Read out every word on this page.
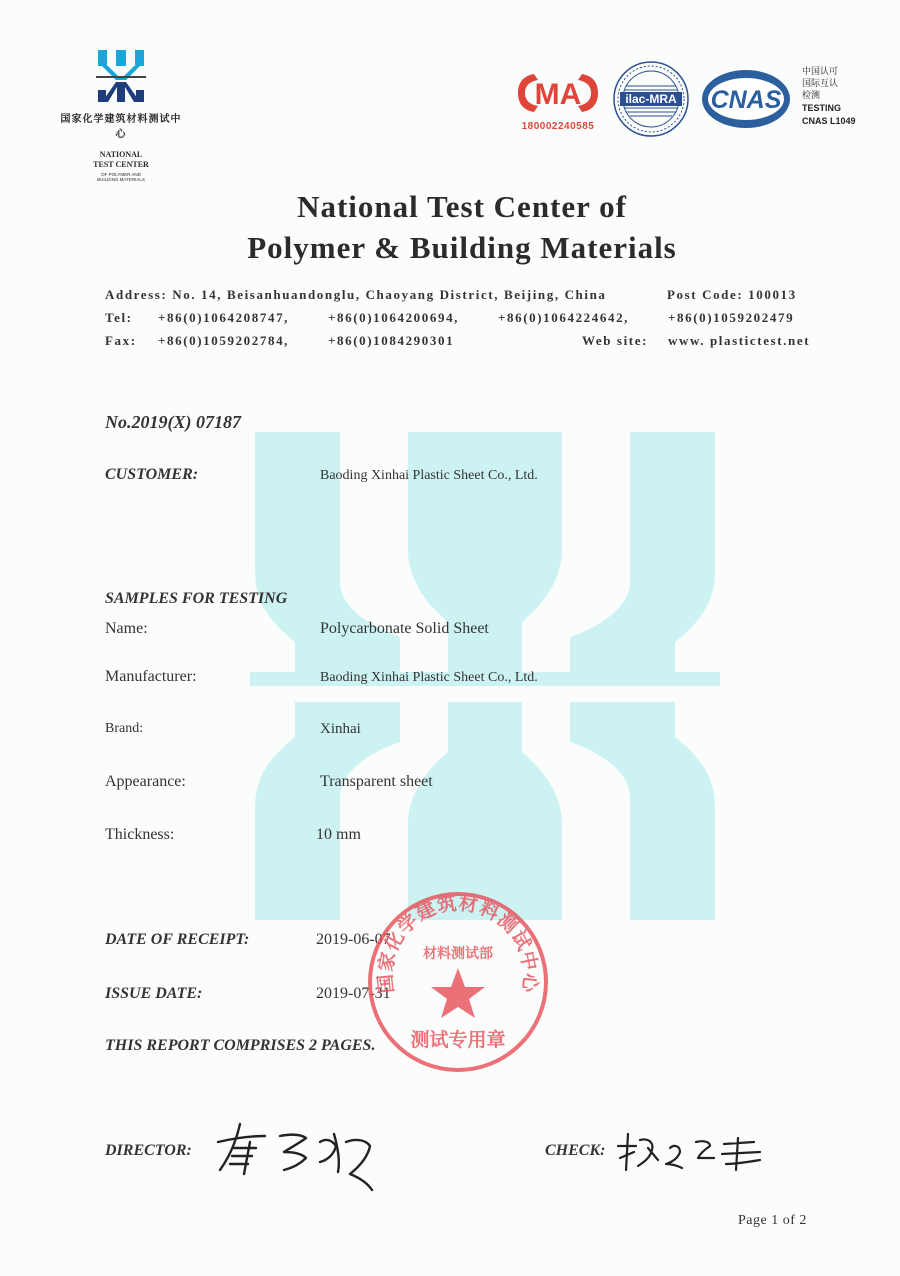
国家化学建筑材料测试中心
NATIONAL
TEST CENTER
OF POLYMER AND
BUILDING MATERIALS
MA
180002240585
ilac-MRA CNAS
中国认可
国际互认
检测
TESTING
CNAS L1049
National Test Center of
Polymer & Building Materials
Address: No. 14, Beisanhuandonglu, Chaoyang District, Beijing, China	Post Code: 100013
Tel: +86(0)1064208747,	+86(0)1064200694,	+86(0)1064224642,	+86(0)1059202479
Fax: +86(0)1059202784,	+86(0)1084290301	Web site: www. plastictest.net
No.2019(X) 07187
CUSTOMER:	Baoding Xinhai Plastic Sheet Co., Ltd.
SAMPLES FOR TESTING
Name:	Polycarbonate Solid Sheet
Manufacturer:	Baoding Xinhai Plastic Sheet Co., Ltd.
Brand:	Xinhai
Appearance:	Transparent sheet
Thickness:	10 mm
DATE OF RECEIPT:	2019-06-07
ISSUE DATE:	2019-07-31
THIS REPORT COMPRISES 2 PAGES.
国家化学建筑材料测试中心
材料测试部
测试专用章
DIRECTOR:	CHECK:
Page 1 of 2
